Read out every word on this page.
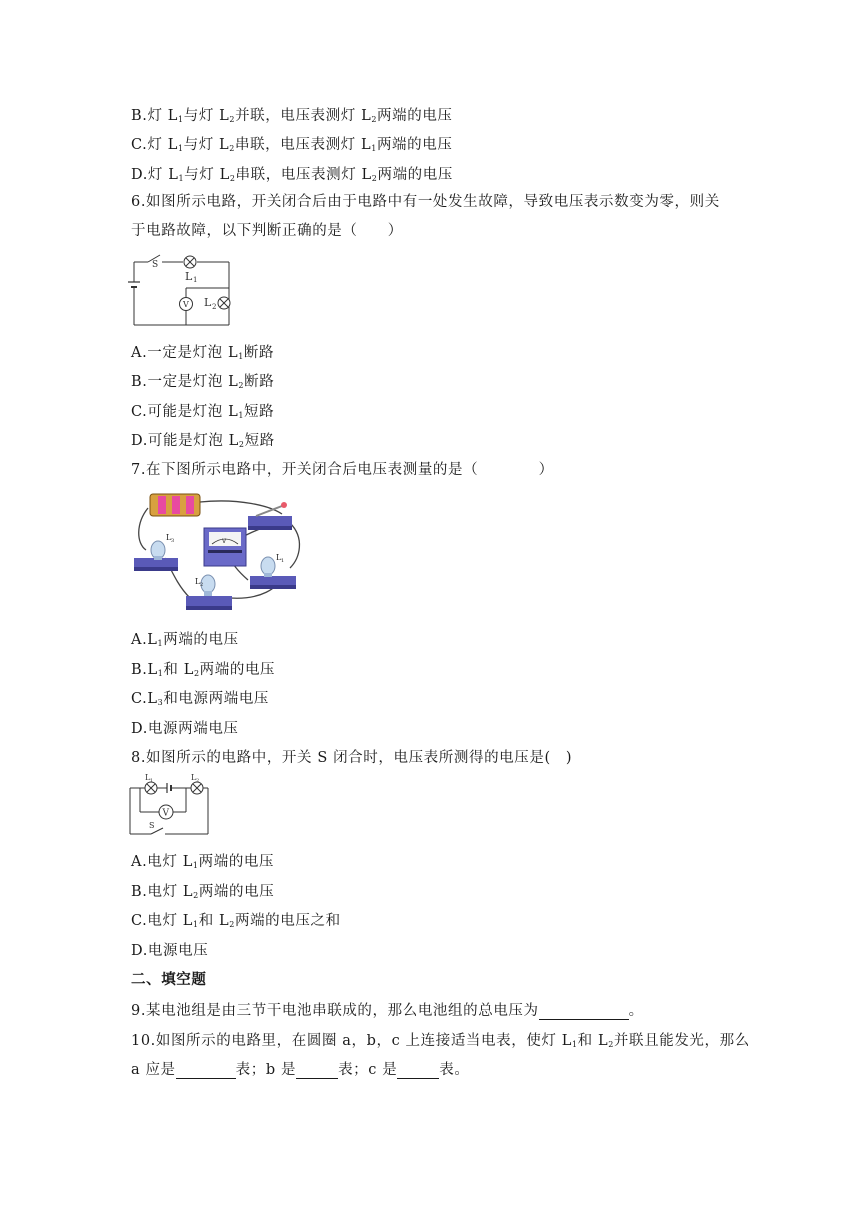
B.灯 $L_1$与灯 $L_2$并联，电压表测灯 $L_2$两端的电压
C.灯 $L_1$与灯 $L_2$串联，电压表测灯 $L_1$两端的电压
D.灯 $L_1$与灯 $L_2$串联，电压表测灯 $L_2$两端的电压
6.如图所示电路，开关闭合后由于电路中有一处发生故障，导致电压表示数变为零，则关于电路故障，以下判断正确的是（　　）
S
L 1
L 2
V
A.一定是灯泡 $L_1$断路
B.一定是灯泡 $L_2$断路
C.可能是灯泡 $L_1$短路
D.可能是灯泡 $L_2$短路
7.在下图所示电路中，开关闭合后电压表测量的是（　　　　）
V
L 3
L 1
L 2
$A.L_1$两端的电压
$B.L_1$和 $L_2$两端的电压
$C.L_3$和电源两端电压
D.电源两端电压
8.如图所示的电路中，开关 S 闭合时，电压表所测得的电压是(　)
V
L 1	L 2
S
A.电灯 $L_1$两端的电压
B.电灯 $L_2$两端的电压
C.电灯 $L_1$和 $L_2$两端的电压之和
D.电源电压
二、填空题
9.某电池组是由三节干电池串联成的，那么电池组的总电压为	。
10.如图所示的电路里，在圆圈 a，b，c 上连接适当电表，使灯 $L_1$和 $L_2$并联且能发光，那么
a 应是	表；b 是	表；c 是	表。
